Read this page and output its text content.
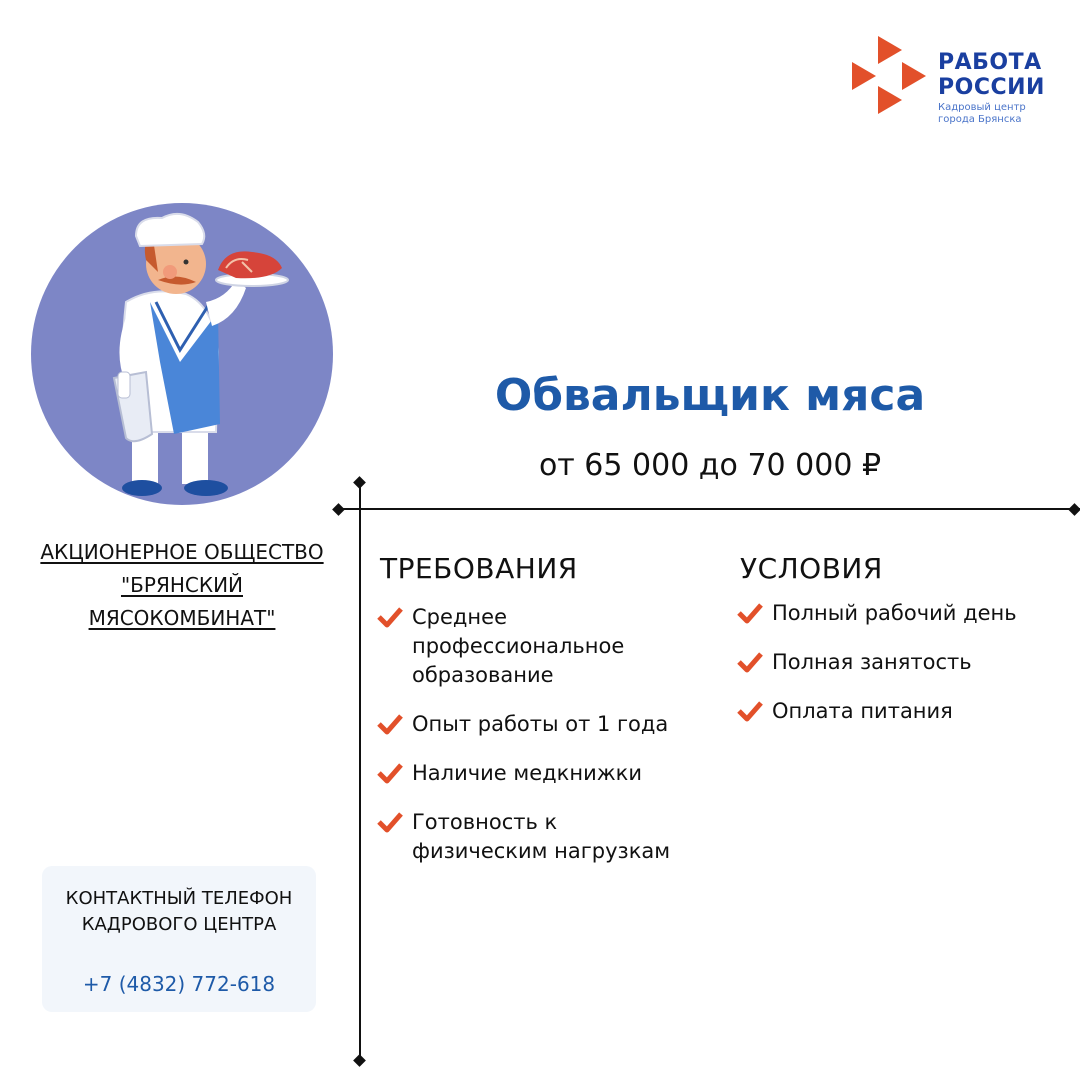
РАБОТА
РОССИИ
Кадровый центр
города Брянска
Обвальщик мяса
от 65 000 до 70 000 ₽
АКЦИОНЕРНОЕ ОБЩЕСТВО
"БРЯНСКИЙ
МЯСОКОМБИНАТ"
КОНТАКТНЫЙ ТЕЛЕФОН
КАДРОВОГО ЦЕНТРА
+7 (4832) 772-618
ТРЕБОВАНИЯ
Среднее
профессиональное
образование
Опыт работы от 1 года
Наличие медкнижки
Готовность к
физическим нагрузкам
УСЛОВИЯ
Полный рабочий день
Полная занятость
Оплата питания
